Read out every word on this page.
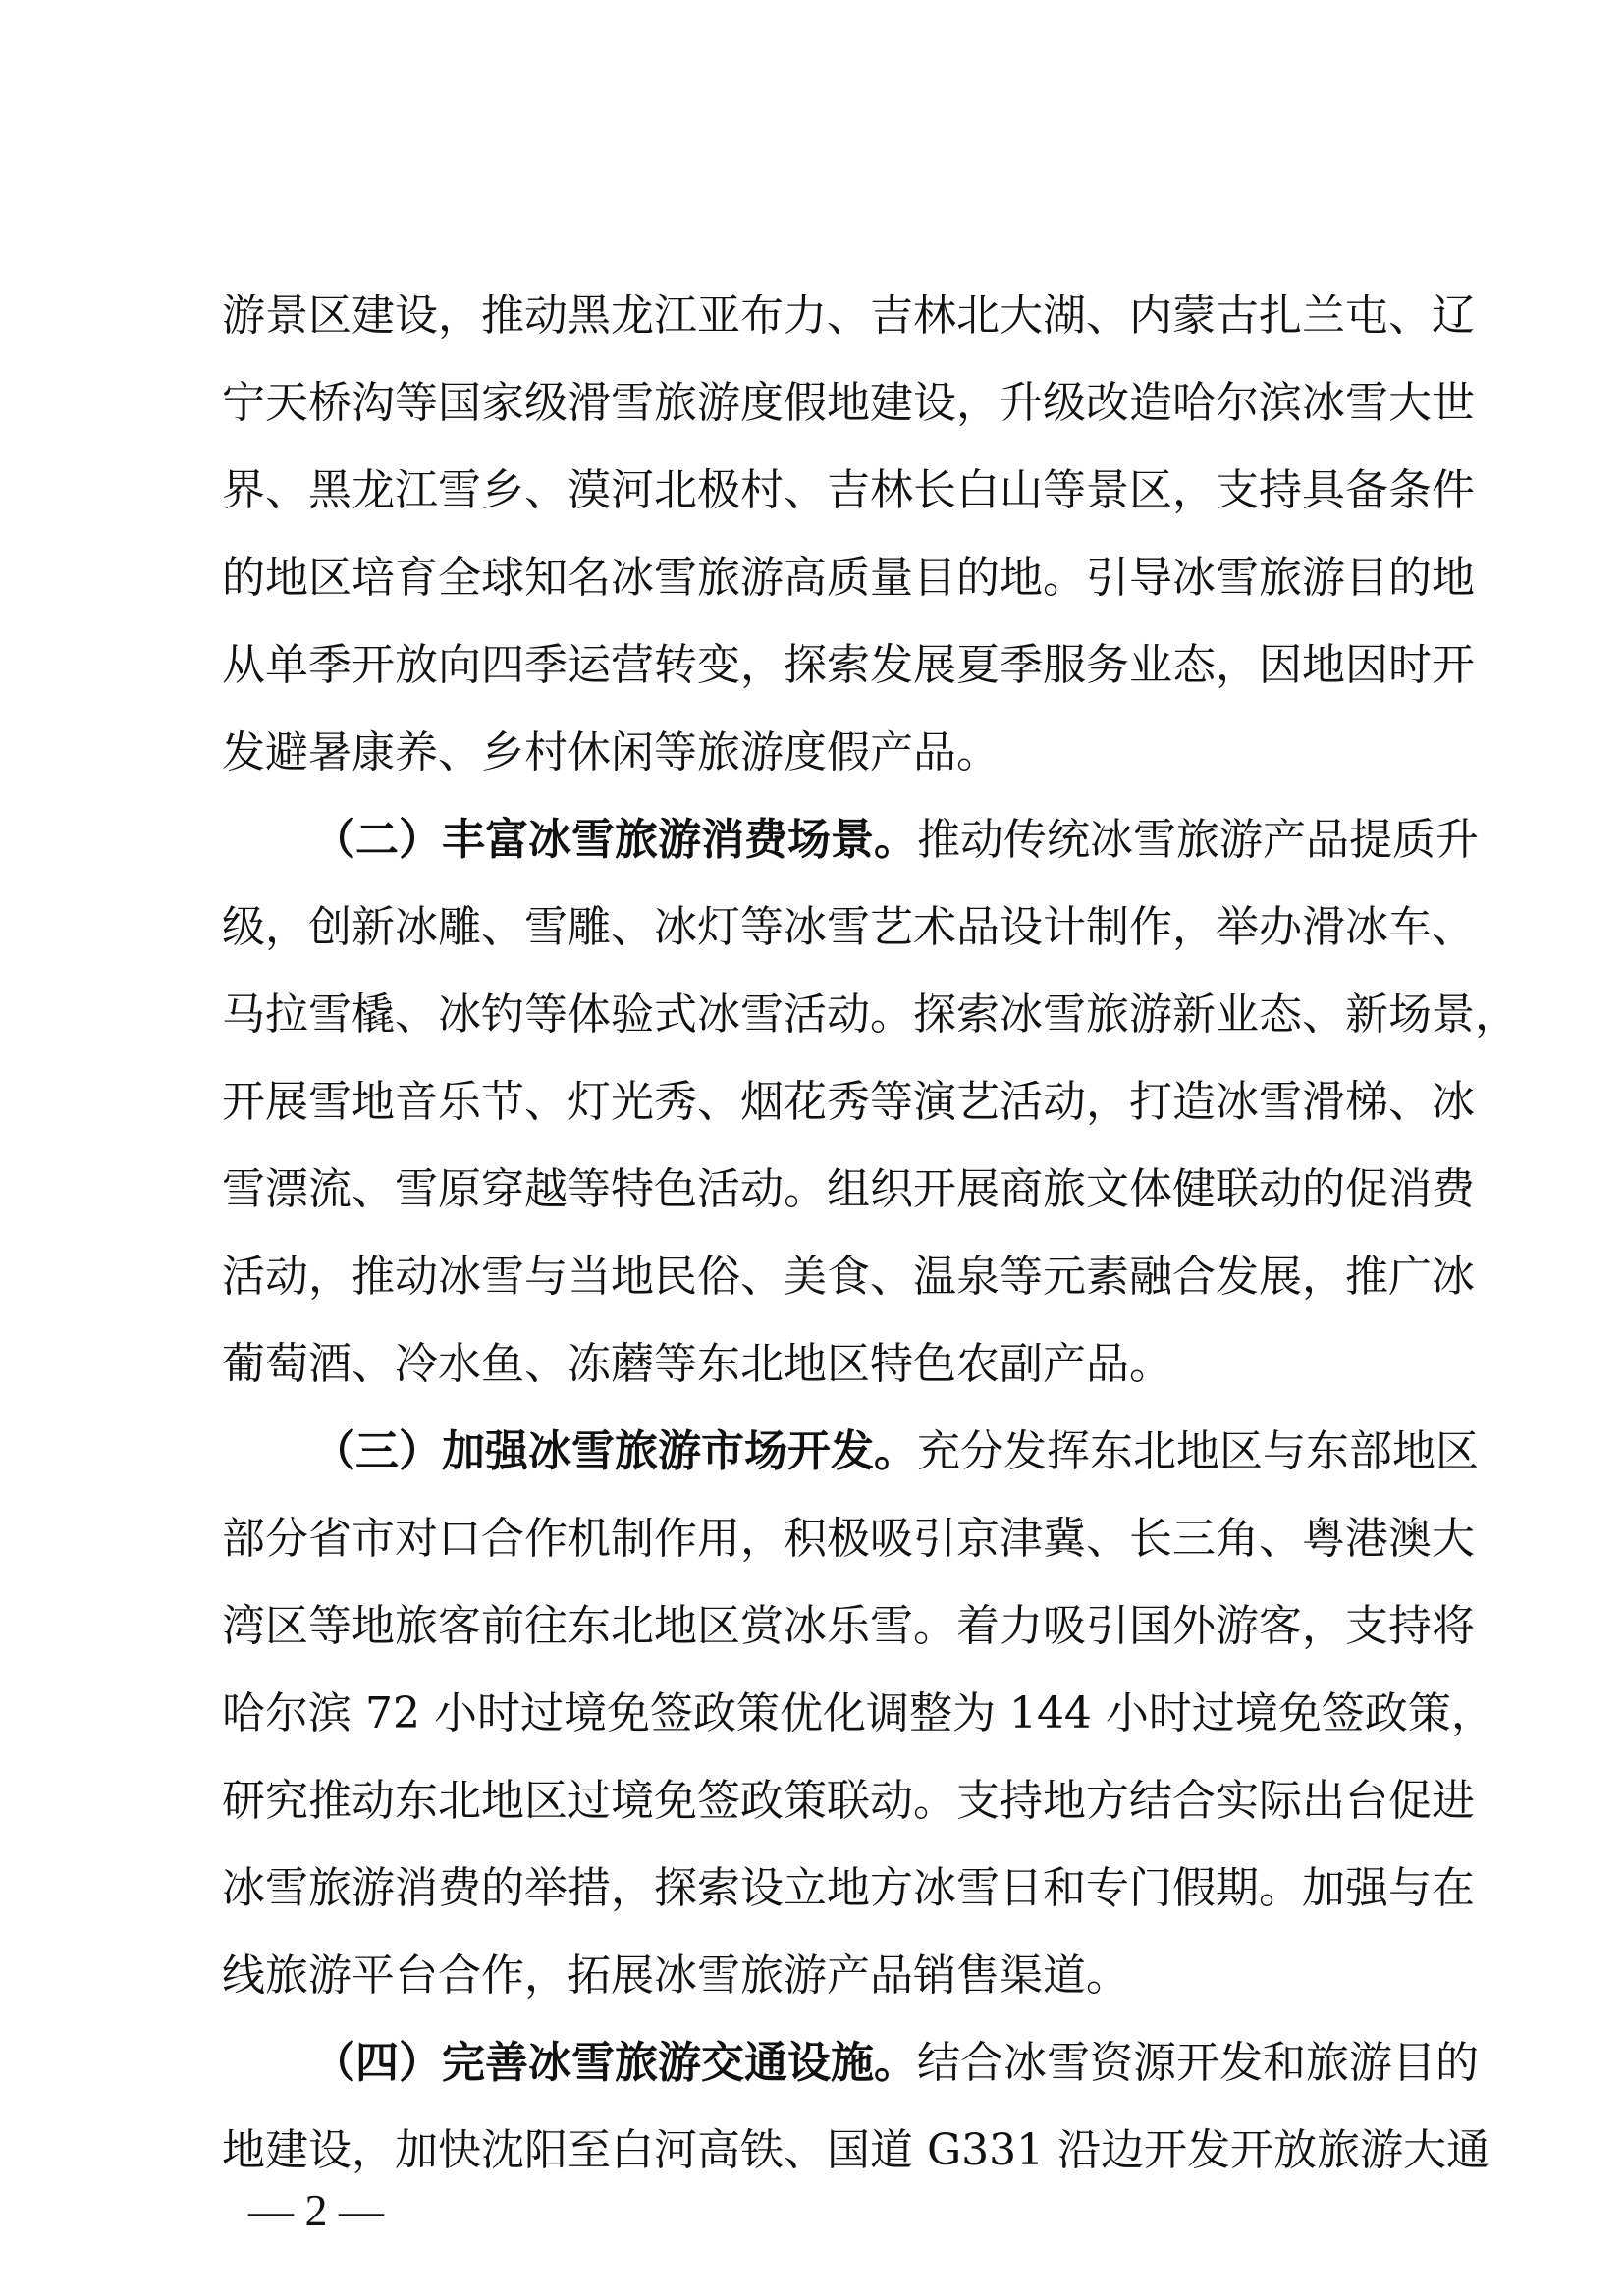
游景区建设，推动黑龙江亚布力、吉林北大湖、内蒙古扎兰屯、辽
宁天桥沟等国家级滑雪旅游度假地建设，升级改造哈尔滨冰雪大世
界、黑龙江雪乡、漠河北极村、吉林长白山等景区，支持具备条件
的地区培育全球知名冰雪旅游高质量目的地。引导冰雪旅游目的地
从单季开放向四季运营转变，探索发展夏季服务业态，因地因时开
发避暑康养、乡村休闲等旅游度假产品。
（二）丰富冰雪旅游消费场景。推动传统冰雪旅游产品提质升
级，创新冰雕、雪雕、冰灯等冰雪艺术品设计制作，举办滑冰车、
马拉雪橇、冰钓等体验式冰雪活动。探索冰雪旅游新业态、新场景，
开展雪地音乐节、灯光秀、烟花秀等演艺活动，打造冰雪滑梯、冰
雪漂流、雪原穿越等特色活动。组织开展商旅文体健联动的促消费
活动，推动冰雪与当地民俗、美食、温泉等元素融合发展，推广冰
葡萄酒、冷水鱼、冻蘑等东北地区特色农副产品。
（三）加强冰雪旅游市场开发。充分发挥东北地区与东部地区
部分省市对口合作机制作用，积极吸引京津冀、长三角、粤港澳大
湾区等地旅客前往东北地区赏冰乐雪。着力吸引国外游客，支持将
哈尔滨 72 小时过境免签政策优化调整为 144 小时过境免签政策，
研究推动东北地区过境免签政策联动。支持地方结合实际出台促进
冰雪旅游消费的举措，探索设立地方冰雪日和专门假期。加强与在
线旅游平台合作，拓展冰雪旅游产品销售渠道。
（四）完善冰雪旅游交通设施。结合冰雪资源开发和旅游目的
地建设，加快沈阳至白河高铁、国道 G331 沿边开发开放旅游大通
— 2 —
